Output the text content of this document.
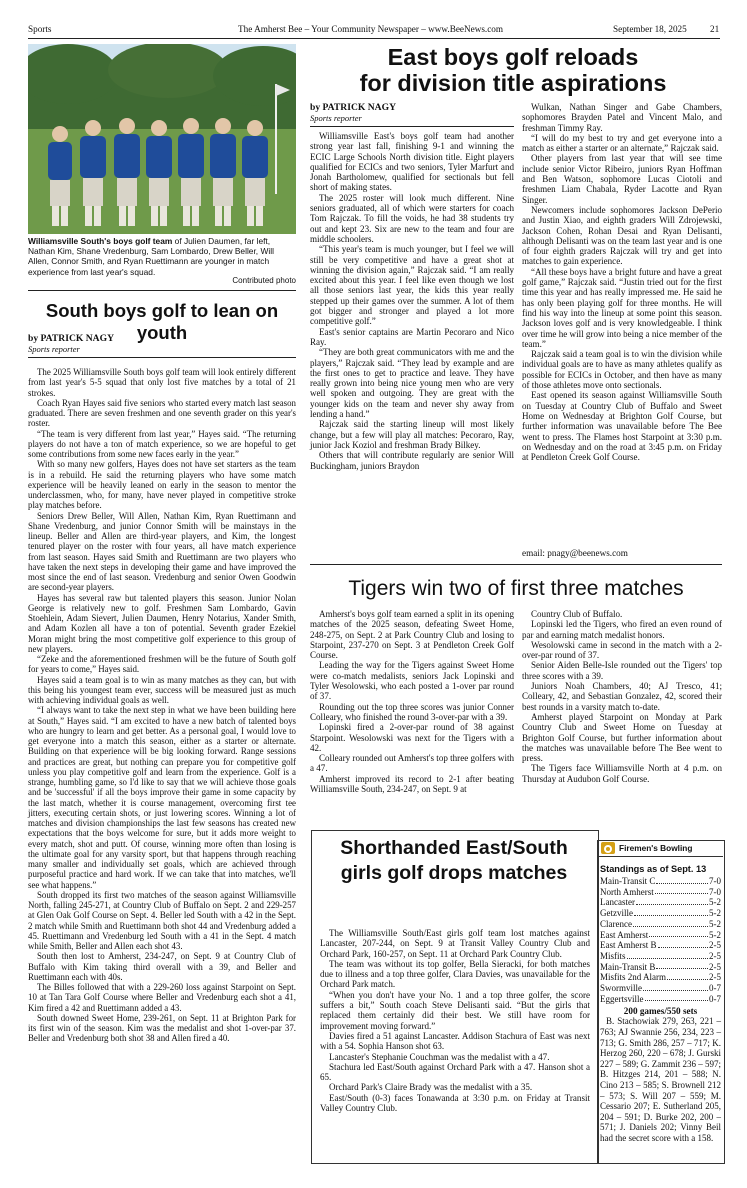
Sports	The Amherst Bee – Your Community Newspaper – www.BeeNews.com	September 18, 2025	21
Williamsville South's boys golf team of Julien Daumen, far left, Nathan Kim, Shane Vredenburg, Sam Lombardo, Drew Beller, Will Allen, Connor Smith, and Ryan Ruettimann are younger in match experience from last year's squad.
Contributed photo
East boys golf reloads
for division title aspirations
by PATRICK NAGY
Sports reporter

Williamsville East's boys golf team had another strong year last fall, finishing 9-1 and winning the ECIC Large Schools North division title. Eight players qualified for ECICs and two seniors, Tyler Marfurt and Jonah Bartholomew, qualified for sectionals but fell short of making states.

The 2025 roster will look much different. Nine seniors graduated, all of which were starters for coach Tom Rajczak. To fill the voids, he had 38 students try out and kept 23. Six are new to the team and four are middle schoolers.

“This year's team is much younger, but I feel we will still be very competitive and have a great shot at winning the division again,” Rajczak said. “I am really excited about this year. I feel like even though we lost all those seniors last year, the kids this year really stepped up their games over the summer. A lot of them got bigger and stronger and played a lot more competitive golf.”

East's senior captains are Martin Pecoraro and Nico Ray.

“They are both great communicators with me and the players,” Rajczak said. “They lead by example and are the first ones to get to practice and leave. They have really grown into being nice young men who are very well spoken and outgoing. They are great with the younger kids on the team and never shy away from lending a hand.”

Rajczak said the starting lineup will most likely change, but a few will play all matches: Pecoraro, Ray, junior Jack Koziol and freshman Brady Bilkey.

Others that will contribute regularly are senior Will Buckingham, juniors Braydon

Wulkan, Nathan Singer and Gabe Chambers, sophomores Brayden Patel and Vincent Malo, and freshman Timmy Ray.

“I will do my best to try and get everyone into a match as either a starter or an alternate,” Rajczak said.

Other players from last year that will see time include senior Victor Ribeiro, juniors Ryan Hoffman and Ben Watson, sophomore Lucas Ciotoli and freshmen Liam Chabala, Ryder Lacotte and Ryan Singer.

Newcomers include sophomores Jackson DePerio and Justin Xiao, and eighth graders Will Zdrojewski, Jackson Cohen, Rohan Desai and Ryan Delisanti, although Delisanti was on the team last year and is one of four eighth graders Rajczak will try and get into matches to gain experience.

“All these boys have a bright future and have a great golf game,” Rajczak said. “Justin tried out for the first time this year and has really impressed me. He said he has only been playing golf for three months. He will find his way into the lineup at some point this season. Jackson loves golf and is very knowledgeable. I think over time he will grow into being a nice member of the team.”

Rajczak said a team goal is to win the division while individual goals are to have as many athletes qualify as possible for ECICs in October, and then have as many of those athletes move onto sectionals.

East opened its season against Williamsville South on Tuesday at Country Club of Buffalo and Sweet Home on Wednesday at Brighton Golf Course, but further information was unavailable before The Bee went to press. The Flames host Starpoint at 3:30 p.m. on Wednesday and on the road at 3:45 p.m. on Friday at Pendleton Creek Golf Course.

email: pnagy@beenews.com
South boys golf to lean on youth
by PATRICK NAGY
Sports reporter

The 2025 Williamsville South boys golf team will look entirely different from last year's 5-5 squad that only lost five matches by a total of 21 strokes.

Coach Ryan Hayes said five seniors who started every match last season graduated. There are seven freshmen and one seventh grader on this year's roster.

“The team is very different from last year,” Hayes said. “The returning players do not have a ton of match experience, so we are hopeful to get some contributions from some new faces early in the year.”

With so many new golfers, Hayes does not have set starters as the team is in a rebuild. He said the returning players who have some match experience will be heavily leaned on early in the season to mentor the underclassmen, who, for many, have never played in competitive stroke play matches before.

Seniors Drew Beller, Will Allen, Nathan Kim, Ryan Ruettimann and Shane Vredenburg, and junior Connor Smith will be mainstays in the lineup. Beller and Allen are third-year players, and Kim, the longest tenured player on the roster with four years, all have match experience from last season. Hayes said Smith and Ruettimann are two players who have taken the next steps in developing their game and have improved the most since the end of last season. Vredenburg and senior Owen Goodwin are second-year players.

Hayes has several raw but talented players this season. Junior Nolan George is relatively new to golf. Freshmen Sam Lombardo, Gavin Stoehlein, Adam Sievert, Julien Daumen, Henry Notarius, Xander Smith, and Adam Kozlen all have a ton of potential. Seventh grader Ezekiel Moran might bring the most competitive golf experience to this group of new players.

“Zeke and the aforementioned freshmen will be the future of South golf for years to come,” Hayes said.

Hayes said a team goal is to win as many matches as they can, but with this being his youngest team ever, success will be measured just as much with achieving individual goals as well.

“I always want to take the next step in what we have been building here at South,” Hayes said. “I am excited to have a new batch of talented boys who are hungry to learn and get better. As a personal goal, I would love to get everyone into a match this season, either as a starter or alternate. Building on that experience will be big looking forward. Range sessions and practices are great, but nothing can prepare you for competitive golf unless you play competitive golf and learn from the experience. Golf is a strange, humbling game, so I'd like to say that we will achieve those goals and be 'successful' if all the boys improve their game in some capacity by the last match, whether it is course management, overcoming first tee jitters, executing certain shots, or just lowering scores. Winning a lot of matches and division championships the last few seasons has created new expectations that the boys welcome for sure, but it adds more weight to every match, shot and putt. Of course, winning more often than losing is the ultimate goal for any varsity sport, but that happens through reaching many smaller and individually set goals, which are achieved through purposeful practice and hard work. If we can take that into matches, we'll see what happens.”

South dropped its first two matches of the season against Williamsville North, falling 245-271, at Country Club of Buffalo on Sept. 2 and 229-257 at Glen Oak Golf Course on Sept. 4. Beller led South with a 42 in the Sept. 2 match while Smith and Ruettimann both shot 44 and Vredenburg added a 45. Ruettimann and Vredenburg led South with a 41 in the Sept. 4 match while Smith, Beller and Allen each shot 43.

South then lost to Amherst, 234-247, on Sept. 9 at Country Club of Buffalo with Kim taking third overall with a 39, and Beller and Ruettimann each with 40s.

The Billes followed that with a 229-260 loss against Starpoint on Sept. 10 at Tan Tara Golf Course where Beller and Vredenburg each shot a 41, Kim fired a 42 and Ruettimann added a 43.

South downed Sweet Home, 239-261, on Sept. 11 at Brighton Park for its first win of the season. Kim was the medalist and shot 1-over-par 37. Beller and Vredenburg both shot 38 and Allen fired a 40.

Tigers win two of first three matches

Amherst's boys golf team earned a split in its opening matches of the 2025 season, defeating Sweet Home, 248-275, on Sept. 2 at Park Country Club and losing to Starpoint, 237-270 on Sept. 3 at Pendleton Creek Golf Course.

Leading the way for the Tigers against Sweet Home were co-match medalists, seniors Jack Lopinski and Tyler Wesolowski, who each posted a 1-over par round of 37.

Rounding out the top three scores was junior Conner Colleary, who finished the round 3-over-par with a 39.

Lopinski fired a 2-over-par round of 38 against Starpoint. Wesolowski was next for the Tigers with a 42.

Colleary rounded out Amherst's top three golfers with a 47.

Amherst improved its record to 2-1 after beating Williamsville South, 234-247, on Sept. 9 at

Country Club of Buffalo.

Lopinski led the Tigers, who fired an even round of par and earning match medalist honors.

Wesolowski came in second in the match with a 2-over-par round of 37.

Senior Aiden Belle-Isle rounded out the Tigers' top three scores with a 39.

Juniors Noah Chambers, 40; AJ Tresco, 41; Colleary, 42, and Sebastian Gonzalez, 42, scored their best rounds in a varsity match to-date.

Amherst played Starpoint on Monday at Park Country Club and Sweet Home on Tuesday at Brighton Golf Course, but further information about the matches was unavailable before The Bee went to press.

The Tigers face Williamsville North at 4 p.m. on Thursday at Audubon Golf Course.

Shorthanded East/South
girls golf drops matches

The Williamsville South/East girls golf team lost matches against Lancaster, 207-244, on Sept. 9 at Transit Valley Country Club and Orchard Park, 160-257, on Sept. 11 at Orchard Park Country Club.

The team was without its top golfer, Bella Sieracki, for both matches due to illness and a top three golfer, Clara Davies, was unavailable for the Orchard Park match.

“When you don't have your No. 1 and a top three golfer, the score suffers a bit,” South coach Steve Delisanti said. “But the girls that replaced them certainly did their best. We still have room for improvement moving forward.”

Davies fired a 51 against Lancaster. Addison Stachura of East was next with a 54. Sophia Hanson shot 63.

Lancaster's Stephanie Couchman was the medalist with a 47.

Stachura led East/South against Orchard Park with a 47. Hanson shot a 65.

Orchard Park's Claire Brady was the medalist with a 35.

East/South (0-3) faces Tonawanda at 3:30 p.m. on Friday at Transit Valley Country Club.

Firemen's Bowling
Standings as of Sept. 13
Main-Transit C	7-0
North Amherst	7-0
Lancaster	5-2
Getzville	5-2
Clarence	5-2
East Amherst	5-2
East Amherst B	2-5
Misfits	2-5
Main-Transit B	2-5
Misfits 2nd Alarm	2-5
Swormville	0-7
Eggertsville	0-7
200 games/550 sets
B. Stachowiak 279, 263, 221 – 763; AJ Swannie 256, 234, 223 – 713; G. Smith 286, 257 – 717; K. Herzog 260, 220 – 678; J. Gurski 227 – 589; G. Zammit 236 – 597; B. Hitzges 214, 201 – 588; N. Cino 213 – 585; S. Brownell 212 – 573; S. Will 207 – 559; M. Cessario 207; E. Sutherland 205, 204 – 591; D. Burke 202, 200 – 571; J. Daniels 202; Vinny Beil had the secret score with a 158.
